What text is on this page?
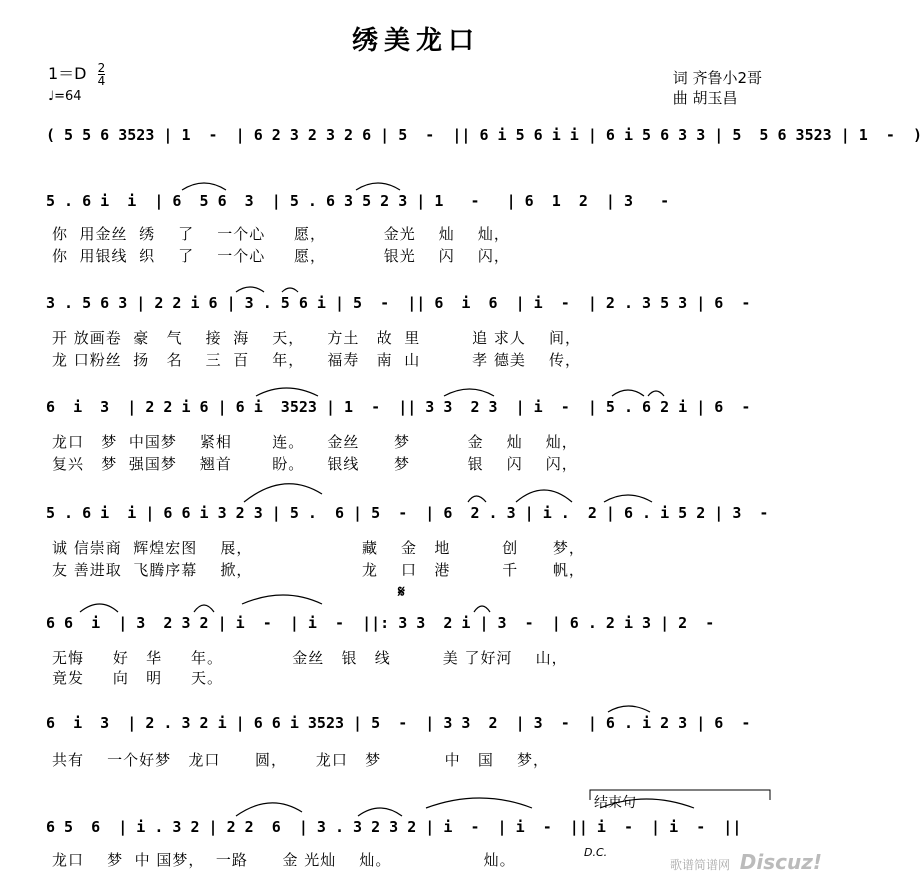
绣美龙口
$1=D \frac{2}{4}$
♩=64
词 齐鲁小2哥
曲 胡玉昌
( 5 5 6 3523 | 1  -  | 6 2 3 2 3 2 6 | 5  -  || 6 i 5 6 i i | 6 i 5 6 3 3 | 5  5 6 3523 | 1  -  )
5 . 6 i  i  | 6  5 6  3  | 5 . 6 3 5 2 3 | 1   -   | 6  1  2  | 3   -
你  用金丝  绣    了    一个心     愿，          金光    灿    灿，
你  用银线  织    了    一个心     愿，          银光    闪    闪，
3 . 5 6 3 | 2 2 i 6 | 3 . 5 6 i | 5  -  || 6  i  6  | i  -  | 2 . 3 5 3 | 6  -
开 放画卷  豪   气    接  海    天，    方土   故  里         追 求人    间，
龙 口粉丝  扬   名    三  百    年，    福寿   南  山         孝 德美    传，
6  i  3  | 2 2 i 6 | 6 i  3523 | 1  -  || 3 3  2 3  | i  -  | 5 . 6 2 i | 6  -
龙口   梦  中国梦    紧相       连。    金丝      梦          金    灿    灿，
复兴   梦  强国梦    翘首       盼。    银线      梦          银    闪    闪，
5 . 6 i  i | 6 6 i 3 2 3 | 5 .  6 | 5  -  | 6  2 . 3 | i .  2 | 6 . i 5 2 | 3  -
诚 信崇商  辉煌宏图    展，                   藏    金   地         创      梦，
友 善进取  飞腾序幕    掀，                   龙    口   港         千      帆，
𝄋
6 6  i  | 3  2 3 2 | i  -  | i  -  ||: 3 3  2 i | 3  -  | 6 . 2 i 3 | 2  -
无悔     好   华     年。            金丝   银   线         美 了好河    山，
竟发     向   明     天。
6  i  3  | 2 . 3 2 i | 6 6 i 3523 | 5  -  | 3 3  2  | 3  -  | 6 . i 2 3 | 6  -
共有    一个好梦   龙口      圆，     龙口   梦           中   国    梦，
结束句
6 5  6  | i . 3 2 | 2 2  6  | 3 . 3 2 3 2 | i  -  | i  -  || i  -  | i  -  ||
龙口    梦  中 国梦，  一路      金 光灿    灿。                灿。	D.C.
歌谱简谱网 Discuz!
